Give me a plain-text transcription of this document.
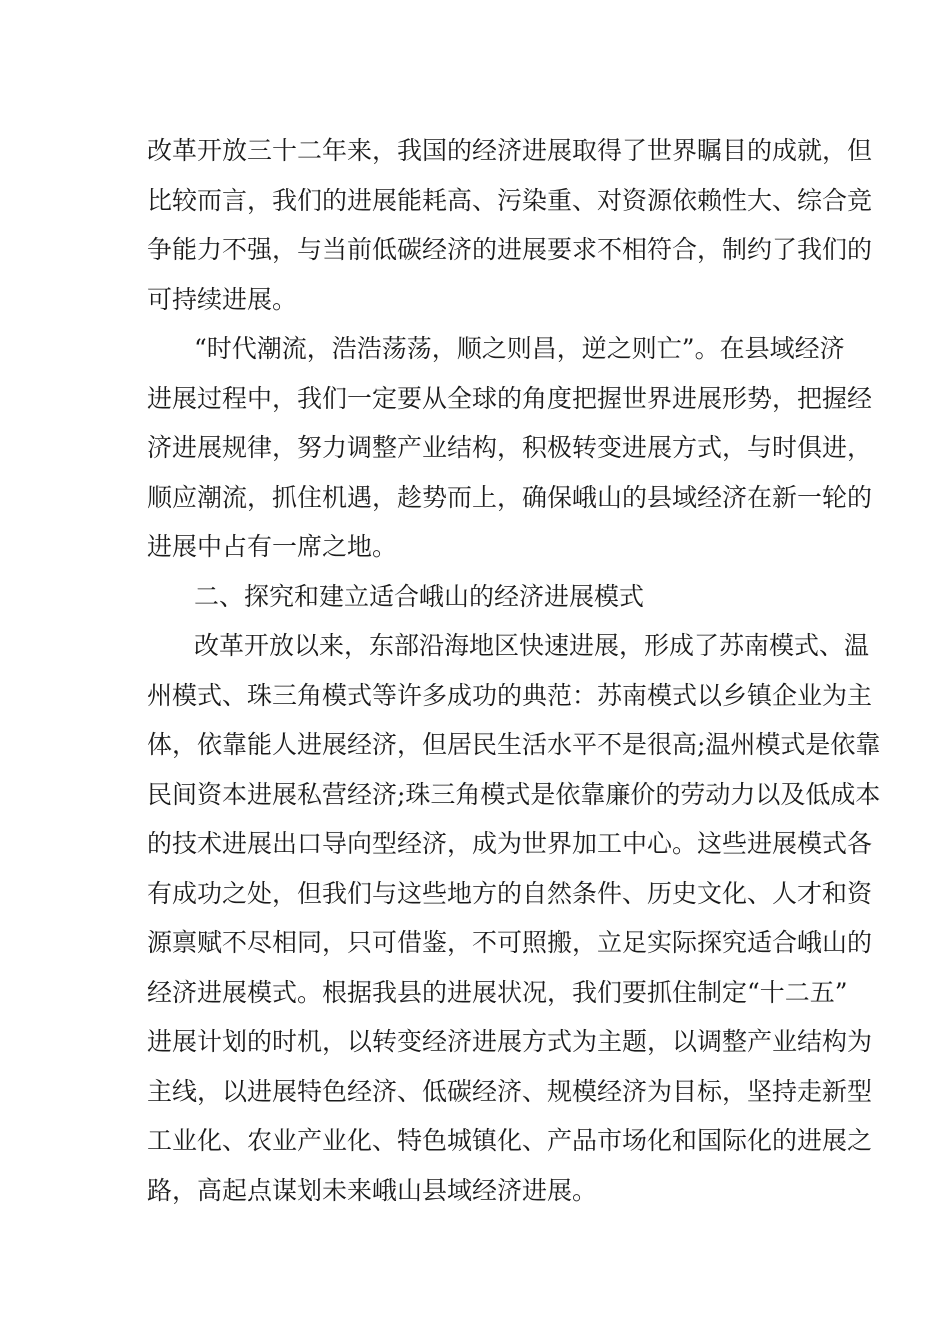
改革开放三十二年来，我国的经济进展取得了世界瞩目的成就，但
比较而言，我们的进展能耗高、污染重、对资源依赖性大、综合竞
争能力不强，与当前低碳经济的进展要求不相符合，制约了我们的
可持续进展。
“时代潮流，浩浩荡荡，顺之则昌，逆之则亡”。在县域经济
进展过程中，我们一定要从全球的角度把握世界进展形势，把握经
济进展规律，努力调整产业结构，积极转变进展方式，与时俱进，
顺应潮流，抓住机遇，趁势而上，确保峨山的县域经济在新一轮的
进展中占有一席之地。
二、探究和建立适合峨山的经济进展模式
改革开放以来，东部沿海地区快速进展，形成了苏南模式、温
州模式、珠三角模式等许多成功的典范：苏南模式以乡镇企业为主
体，依靠能人进展经济，但居民生活水平不是很高;温州模式是依靠
民间资本进展私营经济;珠三角模式是依靠廉价的劳动力以及低成本
的技术进展出口导向型经济，成为世界加工中心。这些进展模式各
有成功之处，但我们与这些地方的自然条件、历史文化、人才和资
源禀赋不尽相同，只可借鉴，不可照搬，立足实际探究适合峨山的
经济进展模式。根据我县的进展状况，我们要抓住制定“十二五”
进展计划的时机，以转变经济进展方式为主题，以调整产业结构为
主线，以进展特色经济、低碳经济、规模经济为目标，坚持走新型
工业化、农业产业化、特色城镇化、产品市场化和国际化的进展之
路，高起点谋划未来峨山县域经济进展。
